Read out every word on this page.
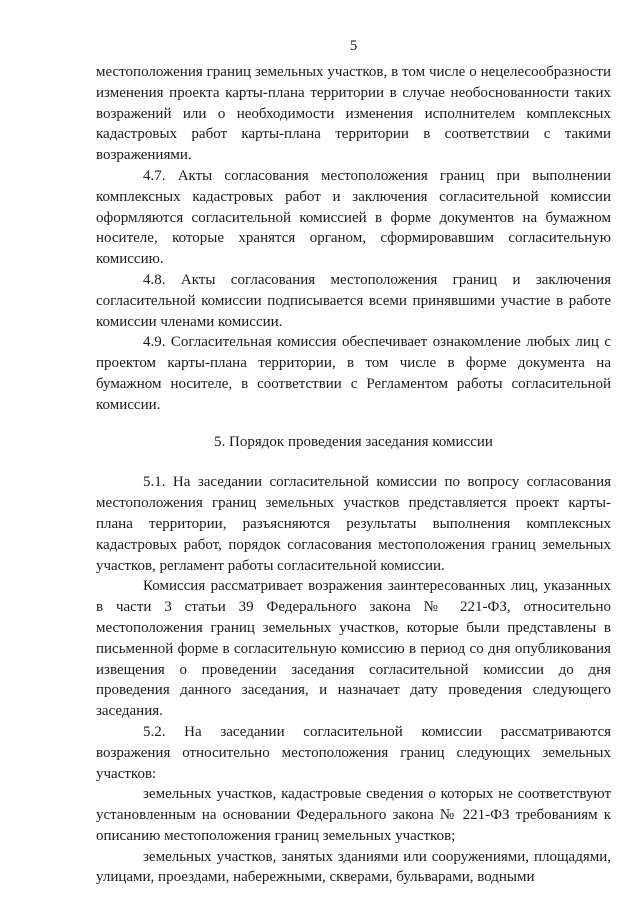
5

местоположения границ земельных участков, в том числе о нецелесообразности изменения проекта карты-плана территории в случае необоснованности таких возражений или о необходимости изменения исполнителем комплексных кадастровых работ карты-плана территории в соответствии с такими возражениями.

4.7. Акты согласования местоположения границ при выполнении комплексных кадастровых работ и заключения согласительной комиссии оформляются согласительной комиссией в форме документов на бумажном носителе, которые хранятся органом, сформировавшим согласительную комиссию.

4.8. Акты согласования местоположения границ и заключения согласительной комиссии подписывается всеми принявшими участие в работе комиссии членами комиссии.

4.9. Согласительная комиссия обеспечивает ознакомление любых лиц с проектом карты-плана территории, в том числе в форме документа на бумажном носителе, в соответствии с Регламентом работы согласительной комиссии.

5. Порядок проведения заседания комиссии

5.1. На заседании согласительной комиссии по вопросу согласования местоположения границ земельных участков представляется проект карты-плана территории, разъясняются результаты выполнения комплексных кадастровых работ, порядок согласования местоположения границ земельных участков, регламент работы согласительной комиссии.

Комиссия рассматривает возражения заинтересованных лиц, указанных в части 3 статьи 39 Федерального закона № 221-ФЗ, относительно местоположения границ земельных участков, которые были представлены в письменной форме в согласительную комиссию в период со дня опубликования извещения о проведении заседания согласительной комиссии до дня проведения данного заседания, и назначает дату проведения следующего заседания.

5.2. На заседании согласительной комиссии рассматриваются возражения относительно местоположения границ следующих земельных участков:

земельных участков, кадастровые сведения о которых не соответствуют установленным на основании Федерального закона № 221-ФЗ требованиям к описанию местоположения границ земельных участков;

земельных участков, занятых зданиями или сооружениями, площадями, улицами, проездами, набережными, скверами, бульварами, водными
